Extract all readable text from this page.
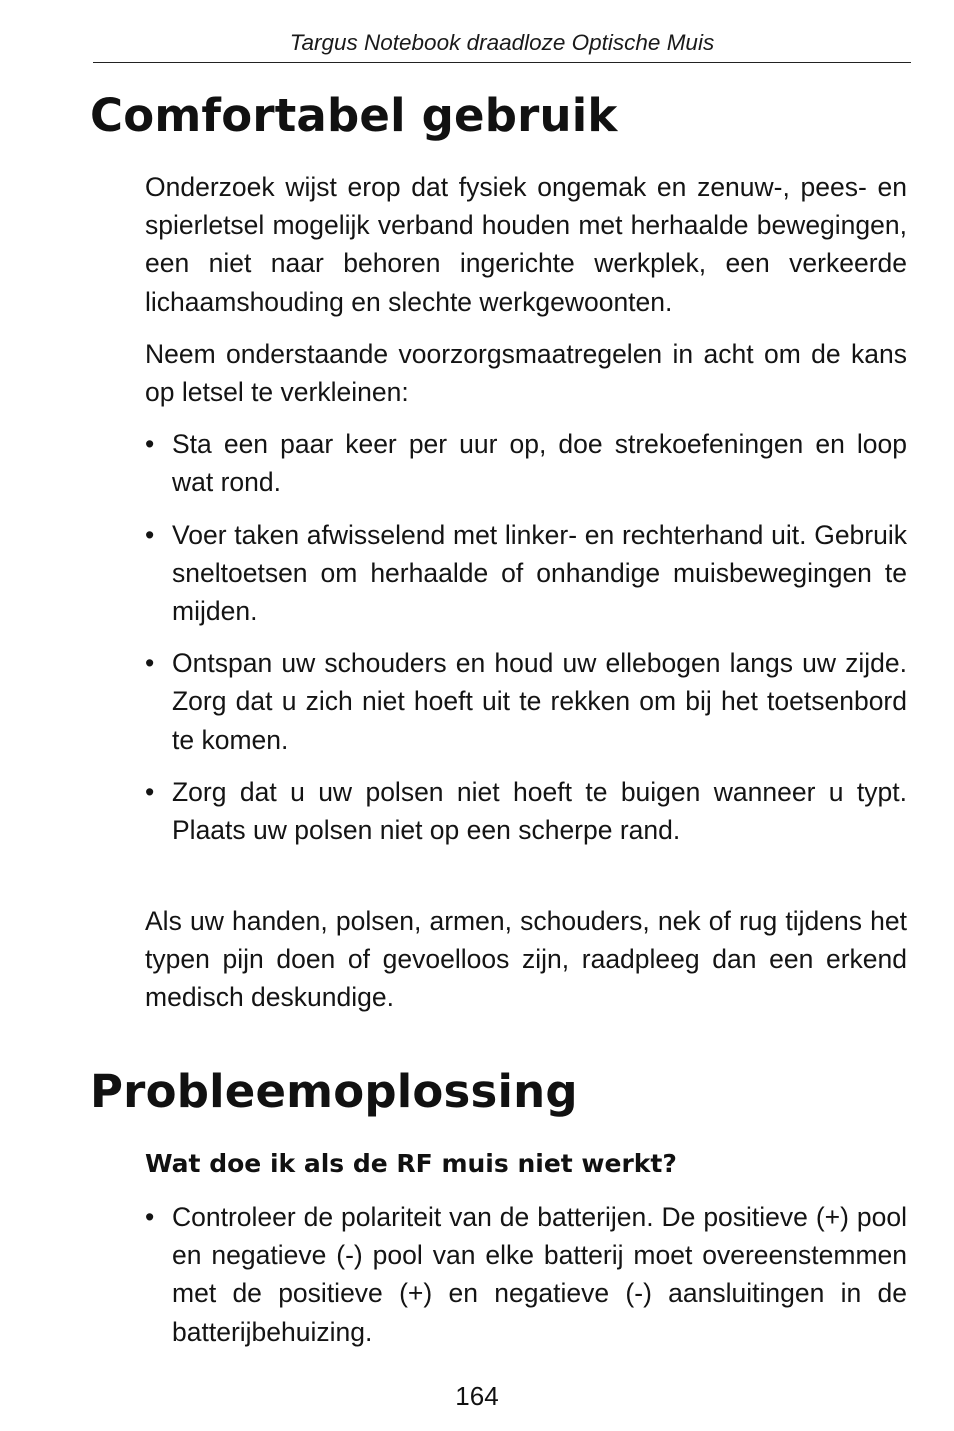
Targus Notebook draadloze Optische Muis
Comfortabel gebruik

Onderzoek wijst erop dat fysiek ongemak en zenuw-, pees- en spierletsel mogelijk verband houden met herhaalde bewegingen, een niet naar behoren ingerichte werkplek, een verkeerde lichaamshouding en slechte werkgewoonten.

Neem onderstaande voorzorgsmaatregelen in acht om de kans op letsel te verkleinen:

• Sta een paar keer per uur op, doe strekoefeningen en loop wat rond.
• Voer taken afwisselend met linker- en rechterhand uit. Gebruik sneltoetsen om herhaalde of onhandige muisbewegingen te mijden.
• Ontspan uw schouders en houd uw ellebogen langs uw zijde. Zorg dat u zich niet hoeft uit te rekken om bij het toetsenbord te komen.
• Zorg dat u uw polsen niet hoeft te buigen wanneer u typt. Plaats uw polsen niet op een scherpe rand.

Als uw handen, polsen, armen, schouders, nek of rug tijdens het typen pijn doen of gevoelloos zijn, raadpleeg dan een erkend medisch deskundige.

Probleemoplossing
Wat doe ik als de RF muis niet werkt?
• Controleer de polariteit van de batterijen. De positieve (+) pool en negatieve (-) pool van elke batterij moet overeenstemmen met de positieve (+) en negatieve (-) aansluitingen in de batterijbehuizing.
164
